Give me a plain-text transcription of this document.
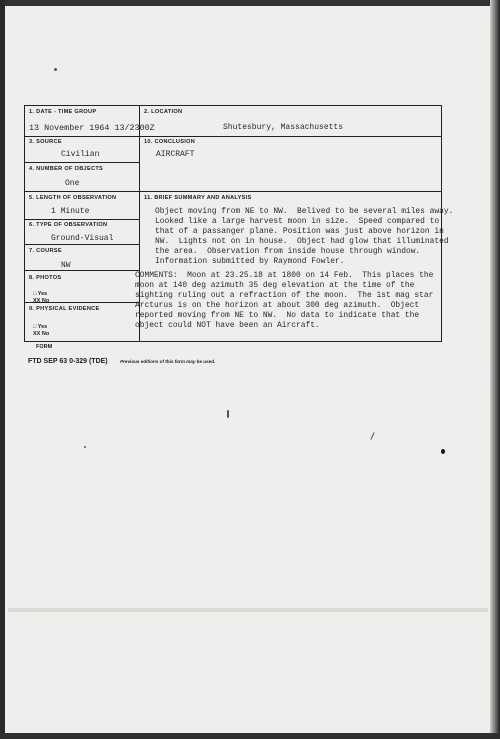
1. DATE - TIME GROUP
13 November 1964 13/2300Z
2. LOCATION
Shutesbury, Massachusetts
3. SOURCE
Civilian
10. CONCLUSION
AIRCRAFT
4. NUMBER OF OBJECTS
One
5. LENGTH OF OBSERVATION
1 Minute
11. BRIEF SUMMARY AND ANALYSIS
Object moving from NE to NW.  Belived to be several miles away.
Looked like a large harvest moon in size.  Speed compared to
that of a passanger plane. Position was just above horizon in
NW.  Lights not on in house.  Object had glow that illuminated
the area.  Observation from inside house through window.
Information submitted by Raymond Fowler.
6. TYPE OF OBSERVATION
Ground-Visual
7. COURSE
NW
COMMENTS:  Moon at 23.25.18 at 1800 on 14 Feb.  This places the
moon at 140 deg azimuth 35 deg elevation at the time of the
sighting ruling out a refraction of the moon.  The 1st mag star
Arcturus is on the horizon at about 300 deg azimuth.  Object
reported moving from NE to NW.  No data to indicate that the
object could NOT have been an Aircraft.
8. PHOTOS
□ Yes
XX No
9. PHYSICAL EVIDENCE
□ Yes
XX No
FORM
FTD SEP 63 0-329 (TDE)	Previous editions of this form may be used.
